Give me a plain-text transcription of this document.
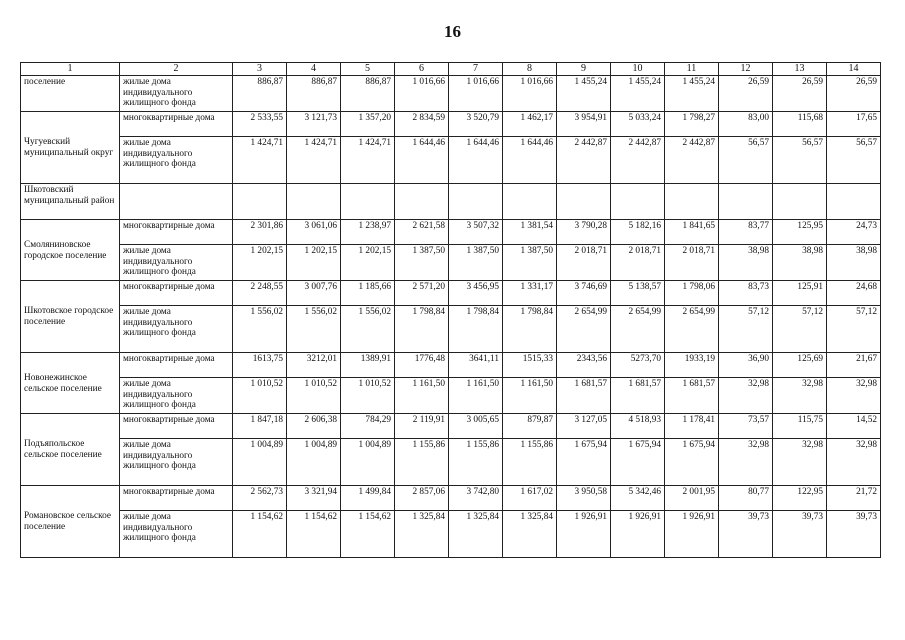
16
1	2	3	4	5	6	7	8	9	10	11	12	13	14
поселение	жилые дома индивидуального жилищного фонда	886,87	886,87	886,87	1 016,66	1 016,66	1 016,66	1 455,24	1 455,24	1 455,24	26,59	26,59	26,59
Чугуевский муниципальный округ	многоквартирные дома	2 533,55	3 121,73	1 357,20	2 834,59	3 520,79	1 462,17	3 954,91	5 033,24	1 798,27	83,00	115,68	17,65
	жилые дома индивидуального жилищного фонда	1 424,71	1 424,71	1 424,71	1 644,46	1 644,46	1 644,46	2 442,87	2 442,87	2 442,87	56,57	56,57	56,57
Шкотовский муниципальный район													
Смоляниновское городское поселение	многоквартирные дома	2 301,86	3 061,06	1 238,97	2 621,58	3 507,32	1 381,54	3 790,28	5 182,16	1 841,65	83,77	125,95	24,73
	жилые дома индивидуального жилищного фонда	1 202,15	1 202,15	1 202,15	1 387,50	1 387,50	1 387,50	2 018,71	2 018,71	2 018,71	38,98	38,98	38,98
Шкотовское городское поселение	многоквартирные дома	2 248,55	3 007,76	1 185,66	2 571,20	3 456,95	1 331,17	3 746,69	5 138,57	1 798,06	83,73	125,91	24,68
	жилые дома индивидуального жилищного фонда	1 556,02	1 556,02	1 556,02	1 798,84	1 798,84	1 798,84	2 654,99	2 654,99	2 654,99	57,12	57,12	57,12
Новонежинское сельское поселение	многоквартирные дома	1613,75	3212,01	1389,91	1776,48	3641,11	1515,33	2343,56	5273,70	1933,19	36,90	125,69	21,67
	жилые дома индивидуального жилищного фонда	1 010,52	1 010,52	1 010,52	1 161,50	1 161,50	1 161,50	1 681,57	1 681,57	1 681,57	32,98	32,98	32,98
Подъяпольское сельское поселение	многоквартирные дома	1 847,18	2 606,38	784,29	2 119,91	3 005,65	879,87	3 127,05	4 518,93	1 178,41	73,57	115,75	14,52
	жилые дома индивидуального жилищного фонда	1 004,89	1 004,89	1 004,89	1 155,86	1 155,86	1 155,86	1 675,94	1 675,94	1 675,94	32,98	32,98	32,98
Романовское сельское поселение	многоквартирные дома	2 562,73	3 321,94	1 499,84	2 857,06	3 742,80	1 617,02	3 950,58	5 342,46	2 001,95	80,77	122,95	21,72
	жилые дома индивидуального жилищного фонда	1 154,62	1 154,62	1 154,62	1 325,84	1 325,84	1 325,84	1 926,91	1 926,91	1 926,91	39,73	39,73	39,73
